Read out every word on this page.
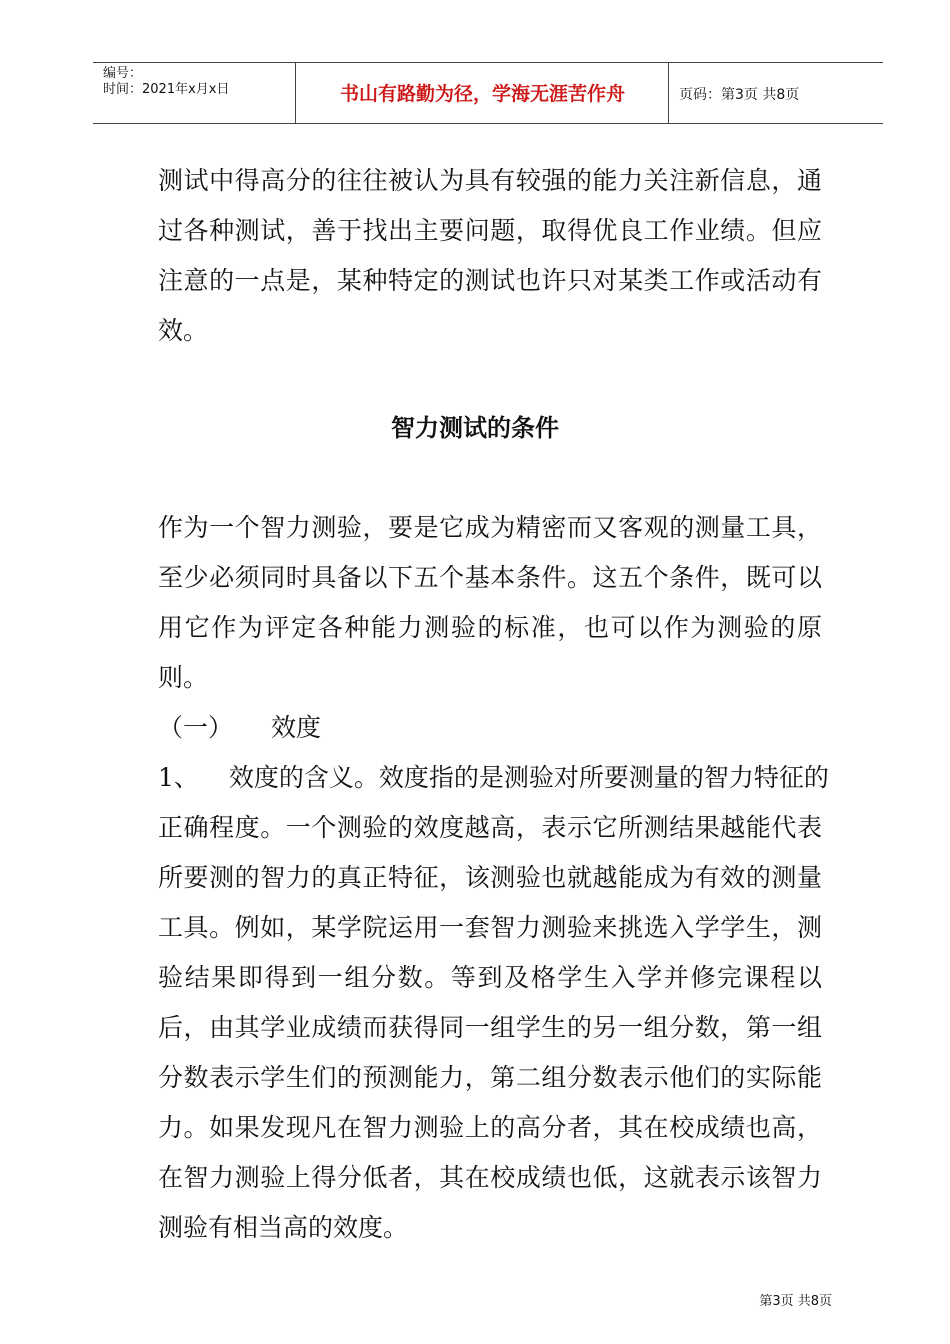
编号：
时间：2021年x月x日	书山有路勤为径，学海无涯苦作舟	页码：第3页 共8页
测试中得高分的往往被认为具有较强的能力关注新信息，通过各种测试，善于找出主要问题，取得优良工作业绩。但应注意的一点是，某种特定的测试也许只对某类工作或活动有效。
智力测试的条件
作为一个智力测验，要是它成为精密而又客观的测量工具，至少必须同时具备以下五个基本条件。这五个条件，既可以用它作为评定各种能力测验的标准，也可以作为测验的原则。
（一） 效度
1、 效度的含义。效度指的是测验对所要测量的智力特征的
正确程度。一个测验的效度越高，表示它所测结果越能代表所要测的智力的真正特征，该测验也就越能成为有效的测量工具。例如，某学院运用一套智力测验来挑选入学学生，测验结果即得到一组分数。等到及格学生入学并修完课程以后，由其学业成绩而获得同一组学生的另一组分数，第一组分数表示学生们的预测能力，第二组分数表示他们的实际能力。如果发现凡在智力测验上的高分者，其在校成绩也高，在智力测验上得分低者，其在校成绩也低，这就表示该智力测验有相当高的效度。
第3页 共8页
